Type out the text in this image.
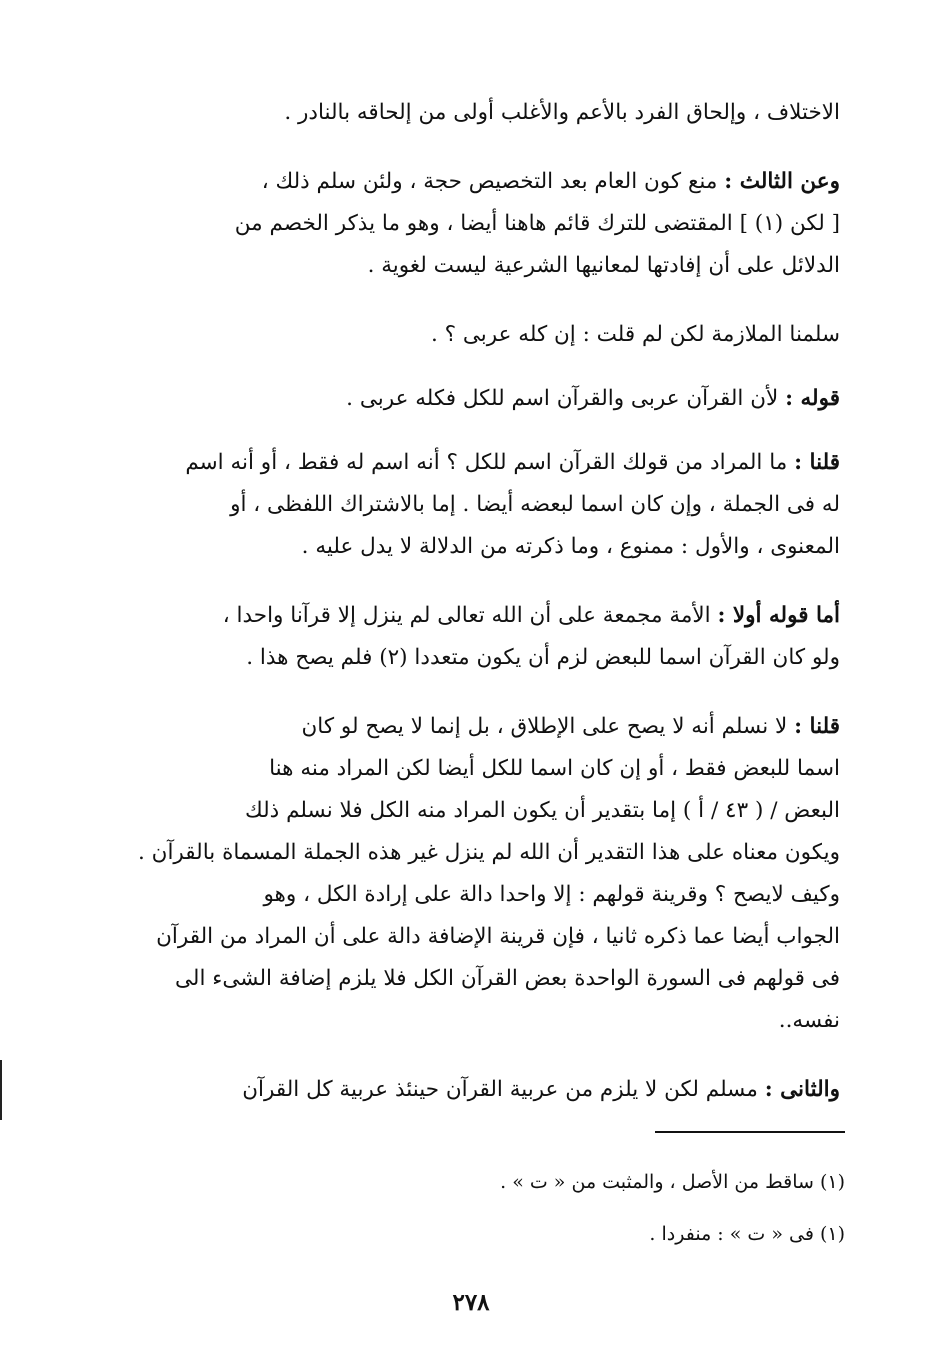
الاختلاف ، وإلحاق الفرد بالأعم والأغلب أولى من إلحاقه بالنادر .
وعن الثالث : منع كون العام بعد التخصيص حجة ، ولئن سلم ذلك ،
[ لكن (١) ] المقتضى للترك قائم هاهنا أيضا ، وهو ما يذكر الخصم من
الدلائل على أن إفادتها لمعانيها الشرعية ليست لغوية .
سلمنا الملازمة لكن لم قلت : إن كله عربى ؟ .
قوله : لأن القرآن عربى والقرآن اسم للكل فكله عربى .
قلنا : ما المراد من قولك القرآن اسم للكل ؟ أنه اسم له فقط ، أو أنه اسم
له فى الجملة ، وإن كان اسما لبعضه أيضا . إما بالاشتراك اللفظى ، أو
المعنوى ، والأول : ممنوع ، وما ذكرته من الدلالة لا يدل عليه .
أما قوله أولا : الأمة مجمعة على أن الله تعالى لم ينزل إلا قرآنا واحدا ،
ولو كان القرآن اسما للبعض لزم أن يكون متعددا (٢) فلم يصح هذا .
قلنا : لا نسلم أنه لا يصح على الإطلاق ، بل إنما لا يصح لو كان
اسما للبعض فقط ، أو إن كان اسما للكل أيضا لكن المراد منه هنا
البعض / ( ٤٣ / أ ) إما بتقدير أن يكون المراد منه الكل فلا نسلم ذلك
ويكون معناه على هذا التقدير أن الله لم ينزل غير هذه الجملة المسماة بالقرآن .
وكيف لايصح ؟ وقرينة قولهم : إلا واحدا دالة على إرادة الكل ، وهو
الجواب أيضا عما ذكره ثانيا ، فإن قرينة الإضافة دالة على أن المراد من القرآن
فى قولهم فى السورة الواحدة بعض القرآن الكل فلا يلزم إضافة الشىء الى
نفسه..
والثانى : مسلم لكن لا يلزم من عربية القرآن حينئذ عربية كل القرآن
(١) ساقط من الأصل ، والمثبت من « ت » .
(١) فى « ت » : منفردا .
٢٧٨
